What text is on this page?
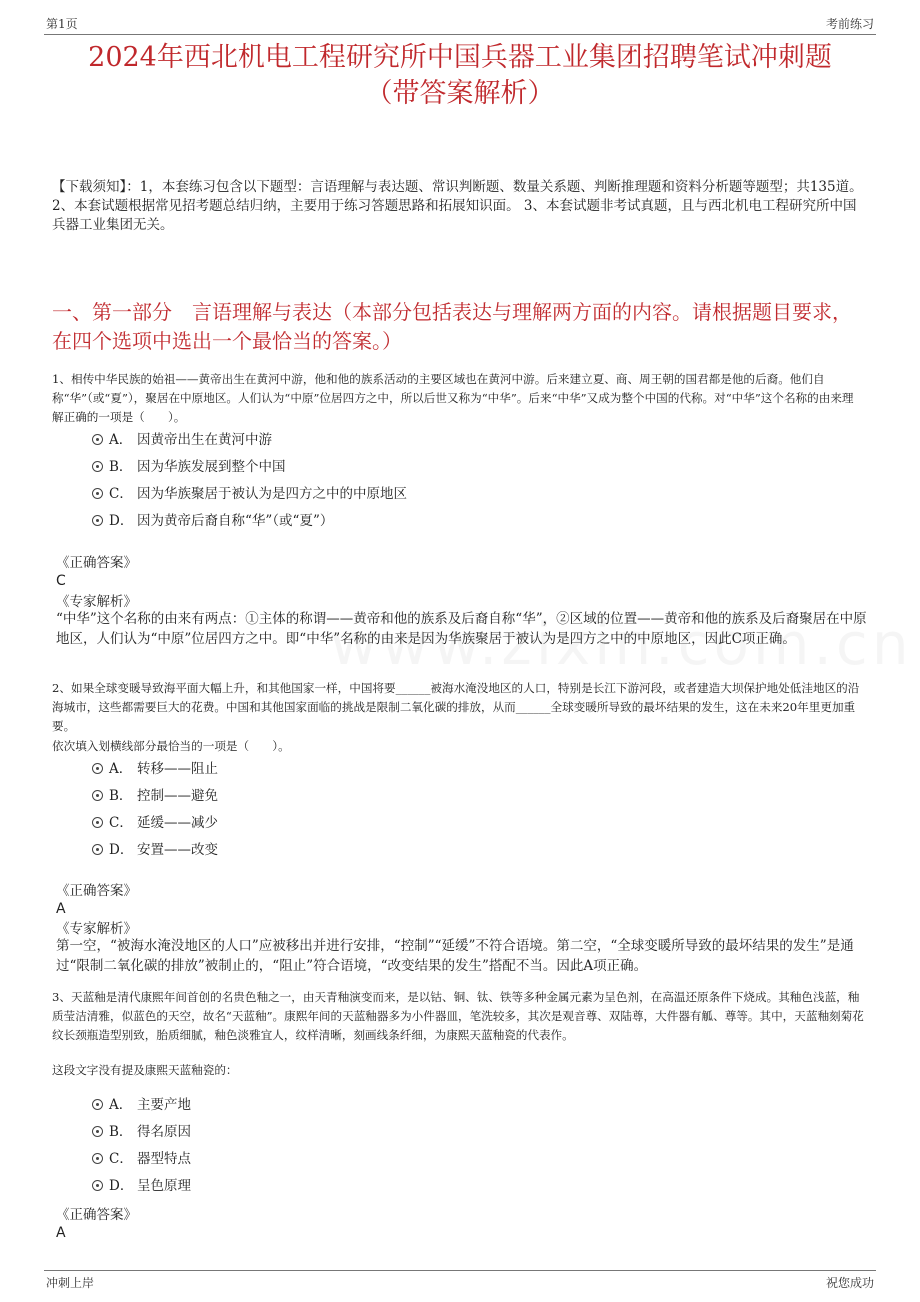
第1页	考前练习
2024年西北机电工程研究所中国兵器工业集团招聘笔试冲刺题
（带答案解析）
【下载须知】：1，本套练习包含以下题型：言语理解与表达题、常识判断题、数量关系题、判断推理题和资料分析题等题型；共135道。 2、本套试题根据常见招考题总结归纳，主要用于练习答题思路和拓展知识面。 3、本套试题非考试真题，且与西北机电工程研究所中国兵器工业集团无关。
一、第一部分　言语理解与表达（本部分包括表达与理解两方面的内容。请根据题目要求，在四个选项中选出一个最恰当的答案。）
1、相传中华民族的始祖——黄帝出生在黄河中游，他和他的族系活动的主要区域也在黄河中游。后来建立夏、商、周王朝的国君都是他的后裔。他们自称“华”（或“夏”），聚居在中原地区。人们认为“中原”位居四方之中，所以后世又称为“中华”。后来“中华”又成为整个中国的代称。对“中华”这个名称的由来理解正确的一项是（　　）。
A． 因黄帝出生在黄河中游
B． 因为华族发展到整个中国
C． 因为华族聚居于被认为是四方之中的中原地区
D． 因为黄帝后裔自称“华”（或“夏”）
《正确答案》
C
《专家解析》
“中华”这个名称的由来有两点：①主体的称谓——黄帝和他的族系及后裔自称“华”，②区域的位置——黄帝和他的族系及后裔聚居在中原地区，人们认为“中原”位居四方之中。即“中华”名称的由来是因为华族聚居于被认为是四方之中的中原地区，因此C项正确。
2、如果全球变暖导致海平面大幅上升，和其他国家一样，中国将要______被海水淹没地区的人口，特别是长江下游河段，或者建造大坝保护地处低洼地区的沿海城市，这些都需要巨大的花费。中国和其他国家面临的挑战是限制二氧化碳的排放，从而______全球变暖所导致的最坏结果的发生，这在未来20年里更加重要。
依次填入划横线部分最恰当的一项是（　　）。
A． 转移——阻止
B． 控制——避免
C． 延缓——减少
D． 安置——改变
《正确答案》
A
《专家解析》
第一空，“被海水淹没地区的人口”应被移出并进行安排，“控制”“延缓”不符合语境。第二空，“全球变暖所导致的最坏结果的发生”是通过“限制二氧化碳的排放”被制止的，“阻止”符合语境，“改变结果的发生”搭配不当。因此A项正确。
3、天蓝釉是清代康熙年间首创的名贵色釉之一，由天青釉演变而来，是以钴、铜、钛、铁等多种金属元素为呈色剂，在高温还原条件下烧成。其釉色浅蓝，釉质莹洁清雅，似蓝色的天空，故名“天蓝釉”。康熙年间的天蓝釉器多为小件器皿，笔洗较多，其次是观音尊、双陆尊，大件器有觚、尊等。其中，天蓝釉刻菊花纹长颈瓶造型别致，胎质细腻，釉色淡雅宜人，纹样清晰，刻画线条纤细，为康熙天蓝釉瓷的代表作。
这段文字没有提及康熙天蓝釉瓷的：
A． 主要产地
B． 得名原因
C． 器型特点
D． 呈色原理
《正确答案》
A
冲刺上岸	祝您成功
